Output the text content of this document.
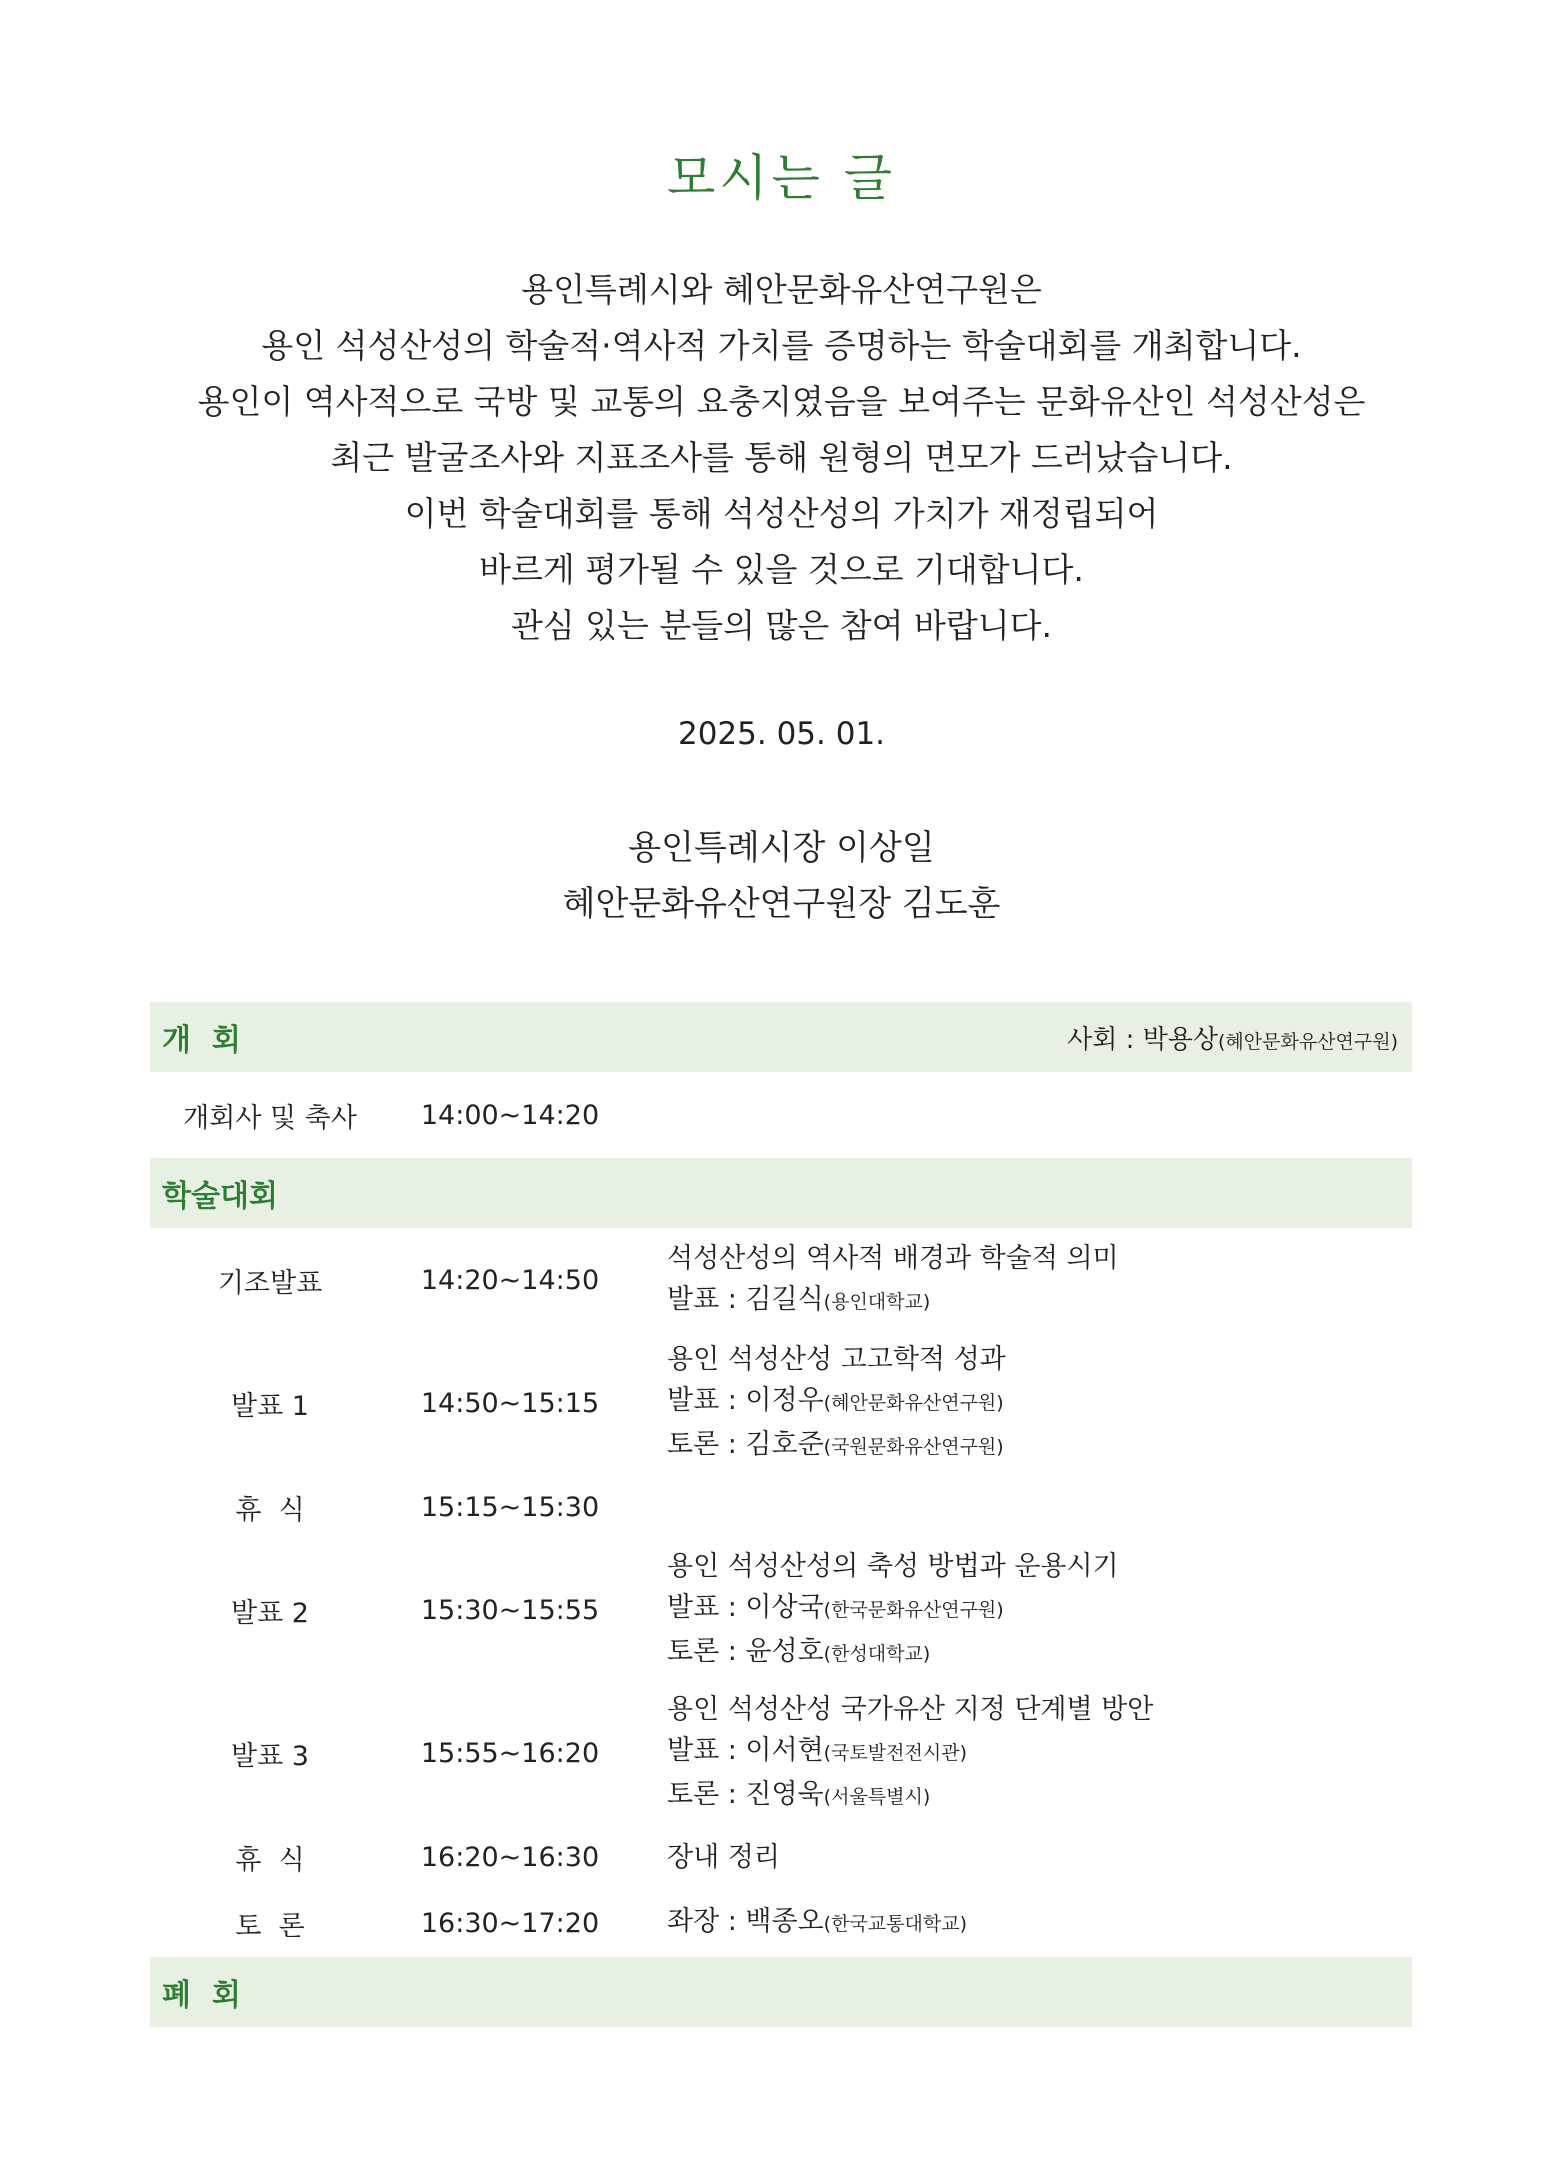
모시는 글
용인특례시와 혜안문화유산연구원은
용인 석성산성의 학술적·역사적 가치를 증명하는 학술대회를 개최합니다.
용인이 역사적으로 국방 및 교통의 요충지였음을 보여주는 문화유산인 석성산성은
최근 발굴조사와 지표조사를 통해 원형의 면모가 드러났습니다.
이번 학술대회를 통해 석성산성의 가치가 재정립되어
바르게 평가될 수 있을 것으로 기대합니다.
관심 있는 분들의 많은 참여 바랍니다.
2025. 05. 01.
용인특례시장 이상일
혜안문화유산연구원장 김도훈
개  회	사회 : 박용상(혜안문화유산연구원)
개회사 및 축사	14:00~14:20
학술대회
기조발표	14:20~14:50
석성산성의 역사적 배경과 학술적 의미
발표 : 김길식(용인대학교)
발표 1	14:50~15:15
용인 석성산성 고고학적 성과
발표 : 이정우(혜안문화유산연구원)
토론 : 김호준(국원문화유산연구원)
휴  식	15:15~15:30
발표 2	15:30~15:55
용인 석성산성의 축성 방법과 운용시기
발표 : 이상국(한국문화유산연구원)
토론 : 윤성호(한성대학교)
발표 3	15:55~16:20
용인 석성산성 국가유산 지정 단계별 방안
발표 : 이서현(국토발전전시관)
토론 : 진영욱(서울특별시)
휴  식	16:20~16:30	장내 정리
토  론	16:30~17:20	좌장 : 백종오(한국교통대학교)
폐  회
